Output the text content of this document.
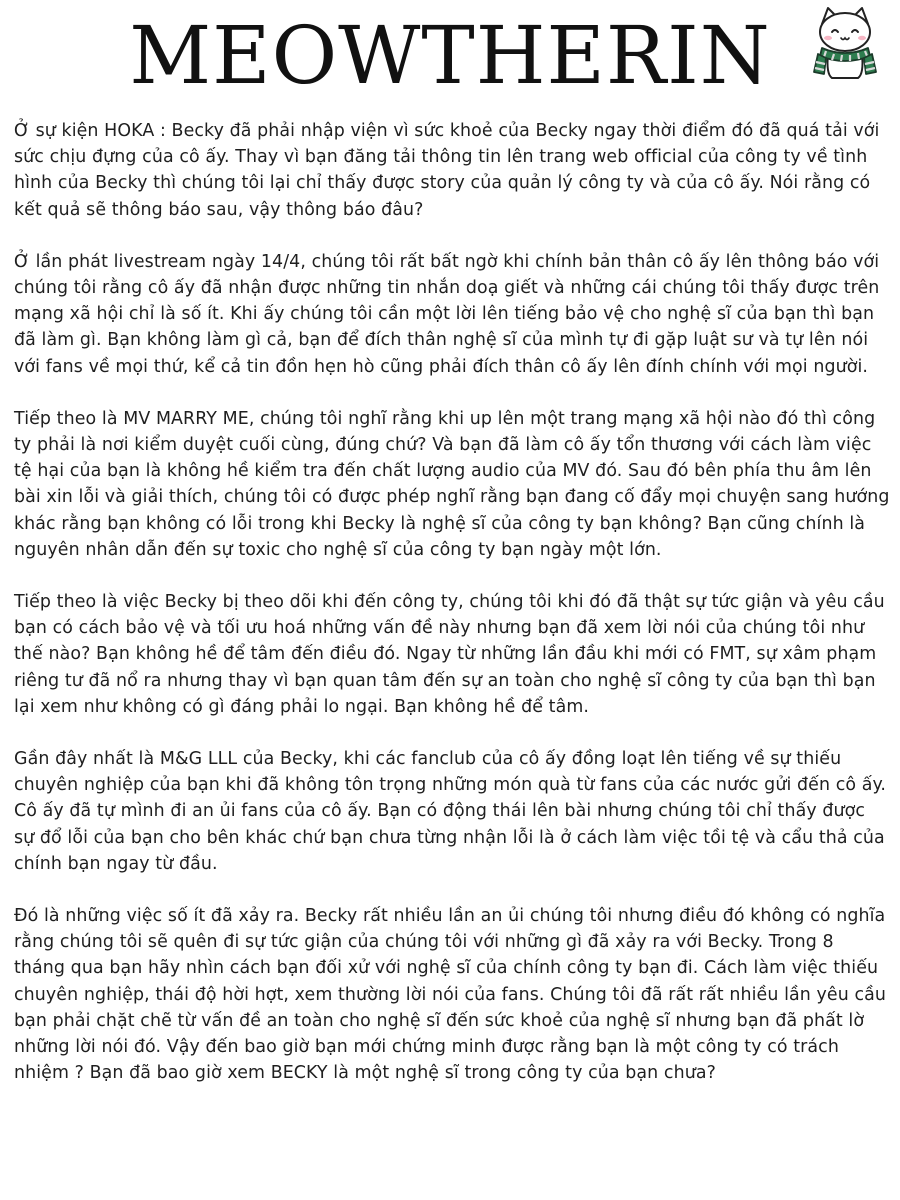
MEOWTHERIN

Ở sự kiện HOKA : Becky đã phải nhập viện vì sức khoẻ của Becky ngay thời điểm đó đã quá tải với sức chịu đựng của cô ấy. Thay vì bạn đăng tải thông tin lên trang web official của công ty về tình hình của Becky thì chúng tôi lại chỉ thấy được story của quản lý công ty và của cô ấy. Nói rằng có kết quả sẽ thông báo sau, vậy thông báo đâu?

Ở lần phát livestream ngày 14/4, chúng tôi rất bất ngờ khi chính bản thân cô ấy lên thông báo với chúng tôi rằng cô ấy đã nhận được những tin nhắn doạ giết và những cái chúng tôi thấy được trên mạng xã hội chỉ là số ít. Khi ấy chúng tôi cần một lời lên tiếng bảo vệ cho nghệ sĩ của bạn thì bạn đã làm gì. Bạn không làm gì cả, bạn để đích thân nghệ sĩ của mình tự đi gặp luật sư và tự lên nói với fans về mọi thứ, kể cả tin đồn hẹn hò cũng phải đích thân cô ấy lên đính chính với mọi người.

Tiếp theo là MV MARRY ME, chúng tôi nghĩ rằng khi up lên một trang mạng xã hội nào đó thì công ty phải là nơi kiểm duyệt cuối cùng, đúng chứ? Và bạn đã làm cô ấy tổn thương với cách làm việc tệ hại của bạn là không hề kiểm tra đến chất lượng audio của MV đó. Sau đó bên phía thu âm lên bài xin lỗi và giải thích, chúng tôi có được phép nghĩ rằng bạn đang cố đẩy mọi chuyện sang hướng khác rằng bạn không có lỗi trong khi Becky là nghệ sĩ của công ty bạn không? Bạn cũng chính là nguyên nhân dẫn đến sự toxic cho nghệ sĩ của công ty bạn ngày một lớn.

Tiếp theo là việc Becky bị theo dõi khi đến công ty, chúng tôi khi đó đã thật sự tức giận và yêu cầu bạn có cách bảo vệ và tối ưu hoá những vấn đề này nhưng bạn đã xem lời nói của chúng tôi như thế nào? Bạn không hề để tâm đến điều đó. Ngay từ những lần đầu khi mới có FMT, sự xâm phạm riêng tư đã nổ ra nhưng thay vì bạn quan tâm đến sự an toàn cho nghệ sĩ công ty của bạn thì bạn lại xem như không có gì đáng phải lo ngại. Bạn không hề để tâm.

Gần đây nhất là M&G LLL của Becky, khi các fanclub của cô ấy đồng loạt lên tiếng về sự thiếu chuyên nghiệp của bạn khi đã không tôn trọng những món quà từ fans của các nước gửi đến cô ấy. Cô ấy đã tự mình đi an ủi fans của cô ấy. Bạn có động thái lên bài nhưng chúng tôi chỉ thấy được sự đổ lỗi của bạn cho bên khác chứ bạn chưa từng nhận lỗi là ở cách làm việc tồi tệ và cẩu thả của chính bạn ngay từ đầu.

Đó là những việc số ít đã xảy ra. Becky rất nhiều lần an ủi chúng tôi nhưng điều đó không có nghĩa rằng chúng tôi sẽ quên đi sự tức giận của chúng tôi với những gì đã xảy ra với Becky. Trong 8 tháng qua bạn hãy nhìn cách bạn đối xử với nghệ sĩ của chính công ty bạn đi. Cách làm việc thiếu chuyên nghiệp, thái độ hời hợt, xem thường lời nói của fans. Chúng tôi đã rất rất nhiều lần yêu cầu bạn phải chặt chẽ từ vấn đề an toàn cho nghệ sĩ đến sức khoẻ của nghệ sĩ nhưng bạn đã phất lờ những lời nói đó. Vậy đến bao giờ bạn mới chứng minh được rằng bạn là một công ty có trách nhiệm ? Bạn đã bao giờ xem BECKY là một nghệ sĩ trong công ty của bạn chưa?
